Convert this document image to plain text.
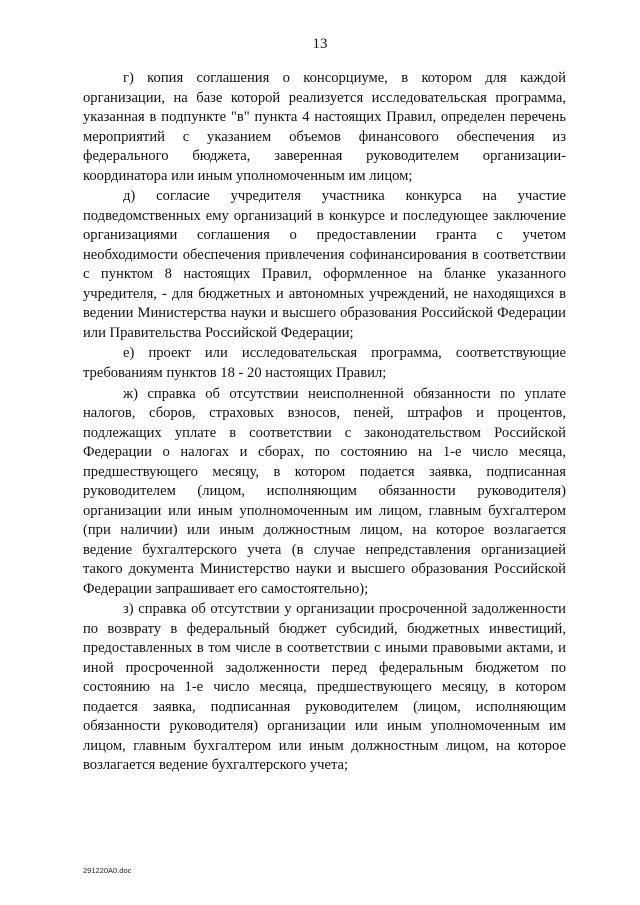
13

г) копия соглашения о консорциуме, в котором для каждой организации, на базе которой реализуется исследовательская программа, указанная в подпункте "в" пункта 4 настоящих Правил, определен перечень мероприятий с указанием объемов финансового обеспечения из федерального бюджета, заверенная руководителем организации-координатора или иным уполномоченным им лицом;

д) согласие учредителя участника конкурса на участие подведомственных ему организаций в конкурсе и последующее заключение организациями соглашения о предоставлении гранта с учетом необходимости обеспечения привлечения софинансирования в соответствии с пунктом 8 настоящих Правил, оформленное на бланке указанного учредителя, - для бюджетных и автономных учреждений, не находящихся в ведении Министерства науки и высшего образования Российской Федерации или Правительства Российской Федерации;

е) проект или исследовательская программа, соответствующие требованиям пунктов 18 - 20 настоящих Правил;

ж) справка об отсутствии неисполненной обязанности по уплате налогов, сборов, страховых взносов, пеней, штрафов и процентов, подлежащих уплате в соответствии с законодательством Российской Федерации о налогах и сборах, по состоянию на 1-е число месяца, предшествующего месяцу, в котором подается заявка, подписанная руководителем (лицом, исполняющим обязанности руководителя) организации или иным уполномоченным им лицом, главным бухгалтером (при наличии) или иным должностным лицом, на которое возлагается ведение бухгалтерского учета (в случае непредставления организацией такого документа Министерство науки и высшего образования Российской Федерации запрашивает его самостоятельно);

з) справка об отсутствии у организации просроченной задолженности по возврату в федеральный бюджет субсидий, бюджетных инвестиций, предоставленных в том числе в соответствии с иными правовыми актами, и иной просроченной задолженности перед федеральным бюджетом по состоянию на 1-е число месяца, предшествующего месяцу, в котором подается заявка, подписанная руководителем (лицом, исполняющим обязанности руководителя) организации или иным уполномоченным им лицом, главным бухгалтером или иным должностным лицом, на которое возлагается ведение бухгалтерского учета;

291220A0.doc
